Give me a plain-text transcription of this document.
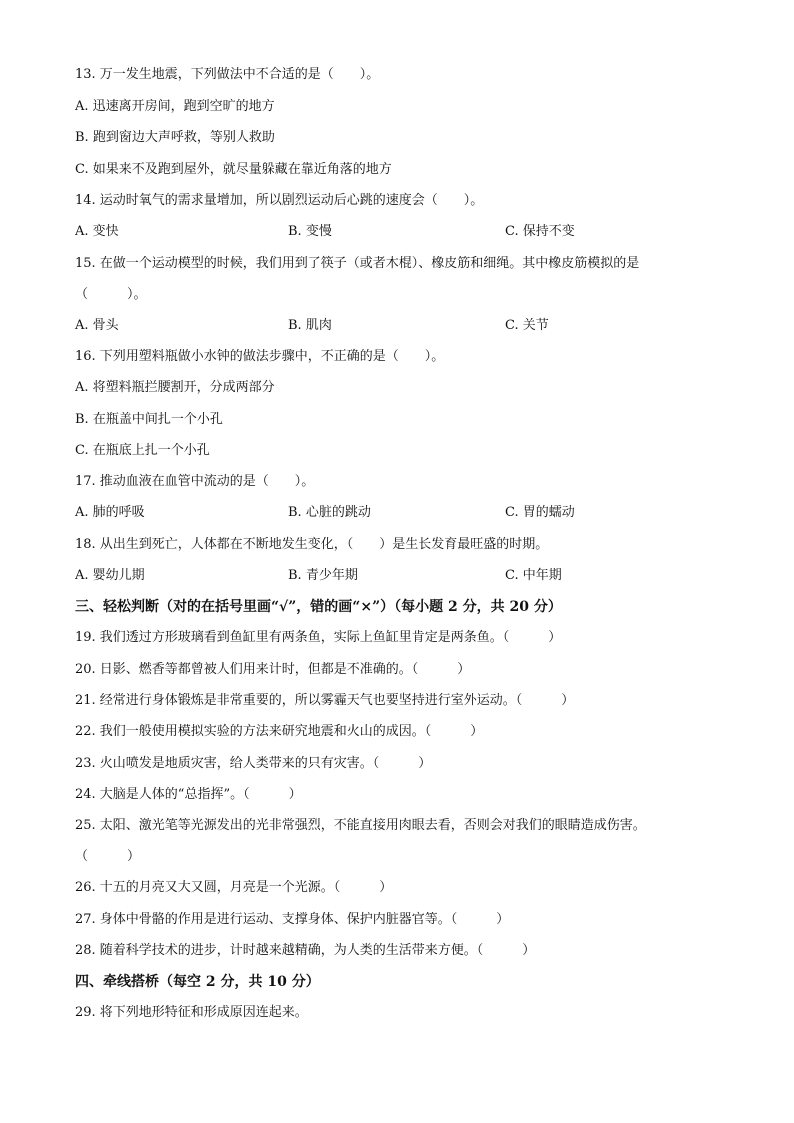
13. 万一发生地震，下列做法中不合适的是（　　）。
A. 迅速离开房间，跑到空旷的地方
B. 跑到窗边大声呼救，等别人救助
C. 如果来不及跑到屋外，就尽量躲藏在靠近角落的地方
14. 运动时氧气的需求量增加，所以剧烈运动后心跳的速度会（　　）。
A. 变快	B. 变慢	C. 保持不变
15. 在做一个运动模型的时候，我们用到了筷子（或者木棍）、橡皮筋和细绳。其中橡皮筋模拟的是
（　　　）。
A. 骨头	B. 肌肉	C. 关节
16. 下列用塑料瓶做小水钟的做法步骤中，不正确的是（　　）。
A. 将塑料瓶拦腰割开，分成两部分
B. 在瓶盖中间扎一个小孔
C. 在瓶底上扎一个小孔
17. 推动血液在血管中流动的是（　　）。
A. 肺的呼吸	B. 心脏的跳动	C. 胃的蠕动
18. 从出生到死亡，人体都在不断地发生变化，（　　）是生长发育最旺盛的时期。
A. 婴幼儿期	B. 青少年期	C. 中年期
三、轻松判断（对的在括号里画“√”，错的画“×”）（每小题 2 分，共 20 分）
19. 我们透过方形玻璃看到鱼缸里有两条鱼，实际上鱼缸里肯定是两条鱼。（　　　）
20. 日影、燃香等都曾被人们用来计时，但都是不准确的。（　　　）
21. 经常进行身体锻炼是非常重要的，所以雾霾天气也要坚持进行室外运动。（　　　）
22. 我们一般使用模拟实验的方法来研究地震和火山的成因。（　　　）
23. 火山喷发是地质灾害，给人类带来的只有灾害。（　　　）
24. 大脑是人体的“总指挥”。（　　　）
25. 太阳、激光笔等光源发出的光非常强烈，不能直接用肉眼去看，否则会对我们的眼睛造成伤害。
（　　　）
26. 十五的月亮又大又圆，月亮是一个光源。（　　　）
27. 身体中骨骼的作用是进行运动、支撑身体、保护内脏器官等。（　　　）
28. 随着科学技术的进步，计时越来越精确，为人类的生活带来方便。（　　　）
四、牵线搭桥（每空 2 分，共 10 分）
29. 将下列地形特征和形成原因连起来。
